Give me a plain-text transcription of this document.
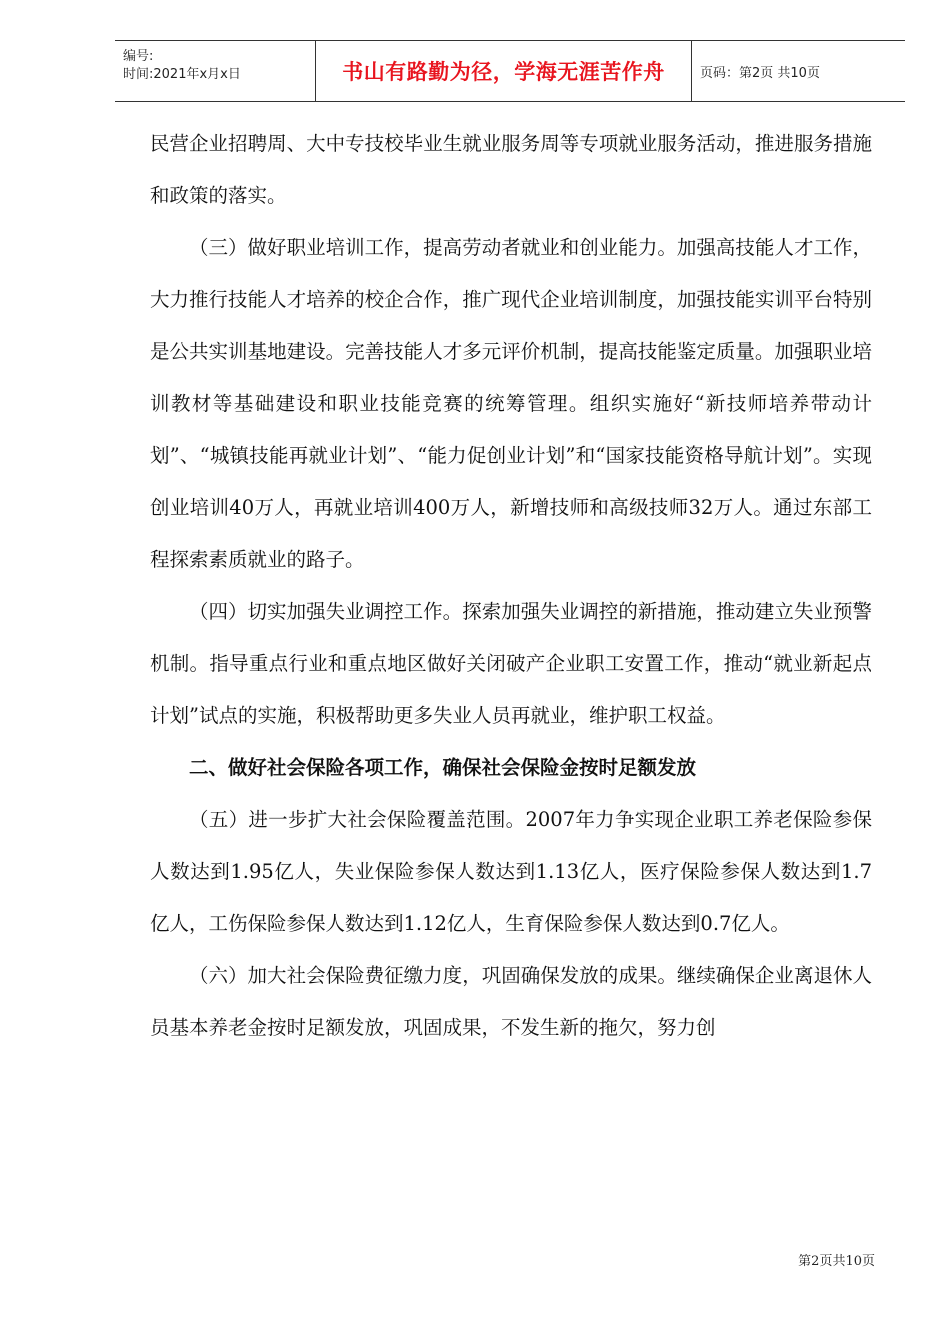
编号:
时间:2021年x月x日	书山有路勤为径，学海无涯苦作舟	页码：第2页 共10页

民营企业招聘周、大中专技校毕业生就业服务周等专项就业服务活动，推进服务措施和政策的落实。

（三）做好职业培训工作，提高劳动者就业和创业能力。加强高技能人才工作，大力推行技能人才培养的校企合作，推广现代企业培训制度，加强技能实训平台特别是公共实训基地建设。完善技能人才多元评价机制，提高技能鉴定质量。加强职业培训教材等基础建设和职业技能竞赛的统筹管理。组织实施好“新技师培养带动计划”、“城镇技能再就业计划”、“能力促创业计划”和“国家技能资格导航计划”。实现创业培训40万人，再就业培训400万人，新增技师和高级技师32万人。通过东部工程探索素质就业的路子。

（四）切实加强失业调控工作。探索加强失业调控的新措施，推动建立失业预警机制。指导重点行业和重点地区做好关闭破产企业职工安置工作，推动“就业新起点计划”试点的实施，积极帮助更多失业人员再就业，维护职工权益。

二、做好社会保险各项工作，确保社会保险金按时足额发放

（五）进一步扩大社会保险覆盖范围。2007年力争实现企业职工养老保险参保人数达到1.95亿人，失业保险参保人数达到1.13亿人，医疗保险参保人数达到1.7亿人，工伤保险参保人数达到1.12亿人，生育保险参保人数达到0.7亿人。

（六）加大社会保险费征缴力度，巩固确保发放的成果。继续确保企业离退休人员基本养老金按时足额发放，巩固成果，不发生新的拖欠，努力创

第2页共10页
